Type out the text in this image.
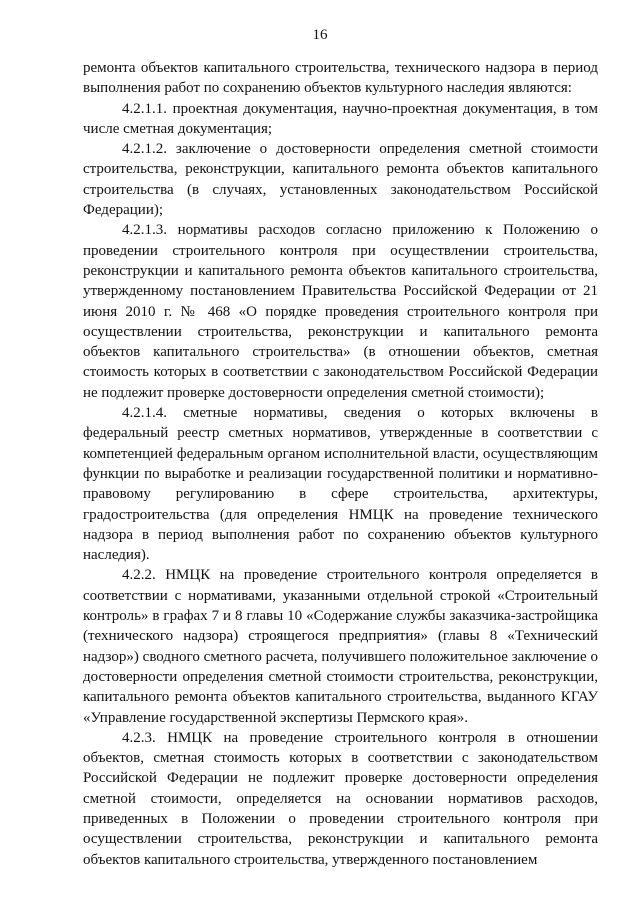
16

ремонта объектов капитального строительства, технического надзора в период выполнения работ по сохранению объектов культурного наследия являются:

4.2.1.1. проектная документация, научно-проектная документация, в том числе сметная документация;

4.2.1.2. заключение о достоверности определения сметной стоимости строительства, реконструкции, капитального ремонта объектов капитального строительства (в случаях, установленных законодательством Российской Федерации);

4.2.1.3. нормативы расходов согласно приложению к Положению о проведении строительного контроля при осуществлении строительства, реконструкции и капитального ремонта объектов капитального строительства, утвержденному постановлением Правительства Российской Федерации от 21 июня 2010 г. № 468 «О порядке проведения строительного контроля при осуществлении строительства, реконструкции и капитального ремонта объектов капитального строительства» (в отношении объектов, сметная стоимость которых в соответствии с законодательством Российской Федерации не подлежит проверке достоверности определения сметной стоимости);

4.2.1.4. сметные нормативы, сведения о которых включены в федеральный реестр сметных нормативов, утвержденные в соответствии с компетенцией федеральным органом исполнительной власти, осуществляющим функции по выработке и реализации государственной политики и нормативно-правовому регулированию в сфере строительства, архитектуры, градостроительства (для определения НМЦК на проведение технического надзора в период выполнения работ по сохранению объектов культурного наследия).

4.2.2. НМЦК на проведение строительного контроля определяется в соответствии с нормативами, указанными отдельной строкой «Строительный контроль» в графах 7 и 8 главы 10 «Содержание службы заказчика-застройщика (технического надзора) строящегося предприятия» (главы 8 «Технический надзор») сводного сметного расчета, получившего положительное заключение о достоверности определения сметной стоимости строительства, реконструкции, капитального ремонта объектов капитального строительства, выданного КГАУ «Управление государственной экспертизы Пермского края».

4.2.3. НМЦК на проведение строительного контроля в отношении объектов, сметная стоимость которых в соответствии с законодательством Российской Федерации не подлежит проверке достоверности определения сметной стоимости, определяется на основании нормативов расходов, приведенных в Положении о проведении строительного контроля при осуществлении строительства, реконструкции и капитального ремонта объектов капитального строительства, утвержденного постановлением
